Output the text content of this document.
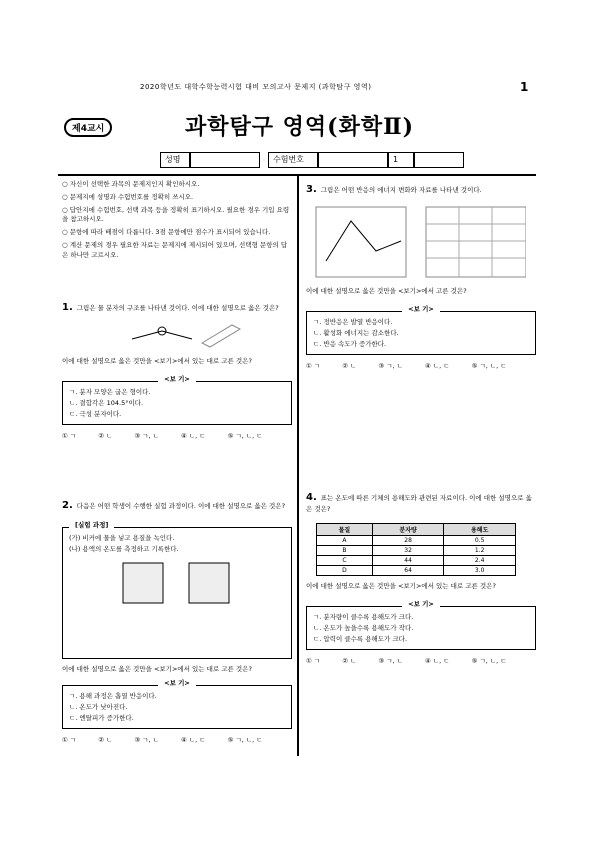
2020학년도 대학수학능력시험 대비 모의고사 문제지 (과학탐구 영역)	1
제4교시	과학탐구 영역(화학Ⅱ)
성명	수험번호	1
○ 자신이 선택한 과목의 문제지인지 확인하시오.
○ 문제지에 성명과 수험번호를 정확히 쓰시오.
○ 답안지에 수험번호, 선택 과목 등을 정확히 표기하시오. 필요한 경우 기입 요령을 참고하시오.
○ 문항에 따라 배점이 다릅니다. 3점 문항에만 점수가 표시되어 있습니다.
○ 계산 문제의 경우 필요한 자료는 문제지에 제시되어 있으며, 선택형 문항의 답은 하나만 고르시오.
1. 그림은 물 분자의 구조를 나타낸 것이다. 이에 대한 설명으로 옳은 것은?
이에 대한 설명으로 옳은 것만을 <보기>에서 있는 대로 고른 것은?
<보 기>
ㄱ. 분자 모양은 굽은 형이다.
ㄴ. 결합각은 104.5°이다.
ㄷ. 극성 분자이다.
① ㄱ	② ㄴ	③ ㄱ, ㄴ	④ ㄴ, ㄷ	⑤ ㄱ, ㄴ, ㄷ
2. 다음은 어떤 학생이 수행한 실험 과정이다. 이에 대한 설명으로 옳은 것은?
[실험 과정]
(가) 비커에 물을 넣고 용질을 녹인다.
(나) 용액의 온도를 측정하고 기록한다.
이에 대한 설명으로 옳은 것만을 <보기>에서 있는 대로 고른 것은?
<보 기>
ㄱ. 용해 과정은 흡열 반응이다.
ㄴ. 온도가 낮아진다.
ㄷ. 엔탈피가 증가한다.
① ㄱ	② ㄴ	③ ㄱ, ㄴ	④ ㄴ, ㄷ	⑤ ㄱ, ㄴ, ㄷ
3. 그림은 어떤 반응의 에너지 변화와 자료를 나타낸 것이다.
이에 대한 설명으로 옳은 것만을 <보기>에서 고른 것은?
<보 기>
ㄱ. 정반응은 발열 반응이다.
ㄴ. 활성화 에너지는 감소한다.
ㄷ. 반응 속도가 증가한다.
① ㄱ	② ㄴ	③ ㄱ, ㄴ	④ ㄴ, ㄷ	⑤ ㄱ, ㄴ, ㄷ
4. 표는 온도에 따른 기체의 용해도와 관련된 자료이다. 이에 대한 설명으로 옳은 것은?
물질	분자량	용해도
A	28	0.5
B	32	1.2
C	44	2.4
D	64	3.0
이에 대한 설명으로 옳은 것만을 <보기>에서 있는 대로 고른 것은?
<보 기>
ㄱ. 분자량이 클수록 용해도가 크다.
ㄴ. 온도가 높을수록 용해도가 작다.
ㄷ. 압력이 클수록 용해도가 크다.
① ㄱ	② ㄴ	③ ㄱ, ㄴ	④ ㄴ, ㄷ	⑤ ㄱ, ㄴ, ㄷ
